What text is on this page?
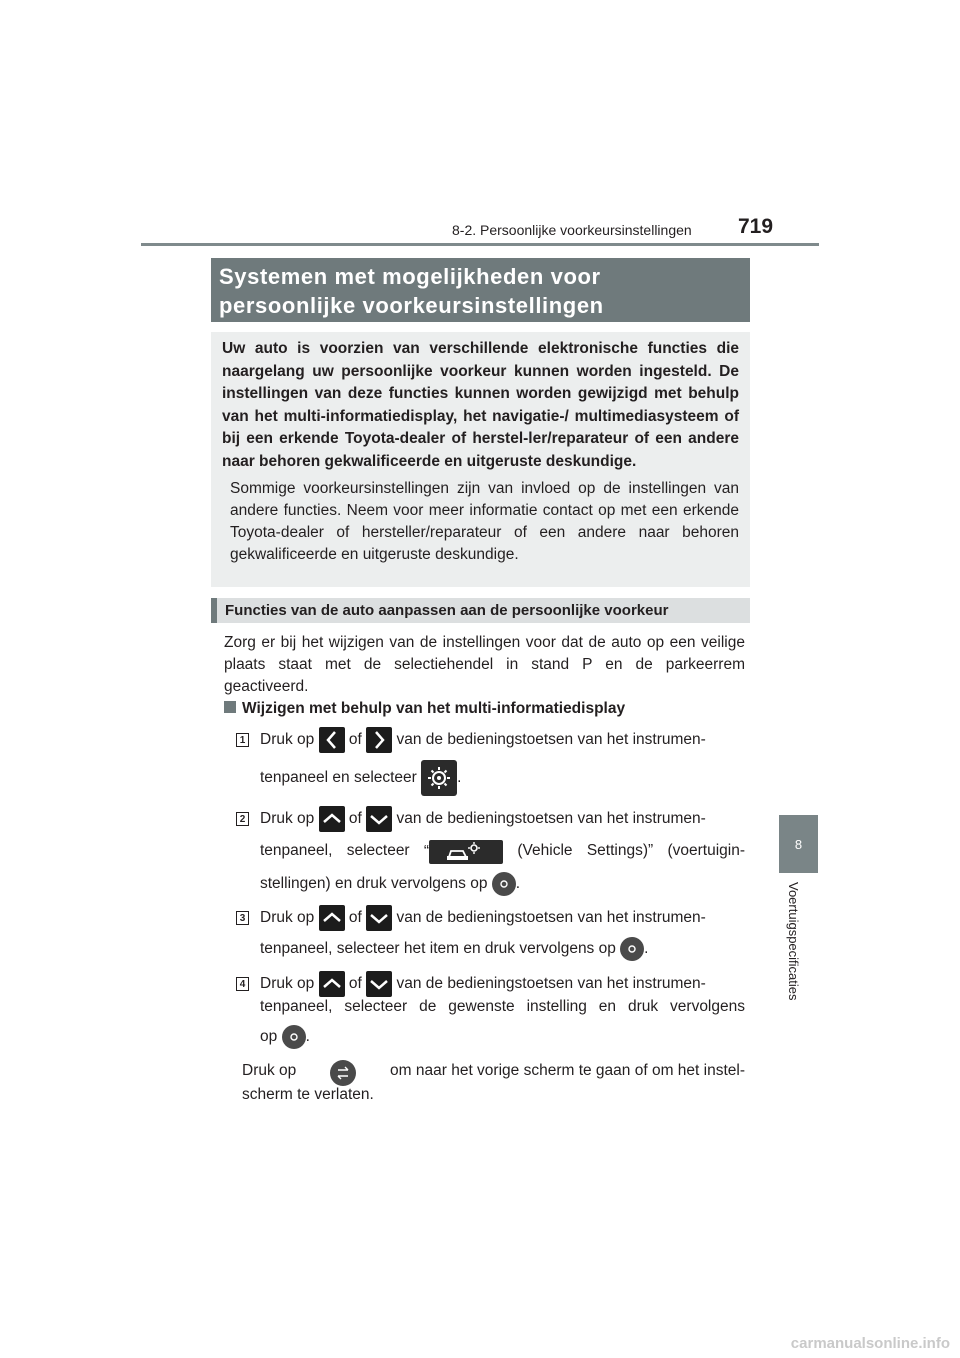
8-2. Persoonlijke voorkeursinstellingen 719
8
Voertuigspecificaties
Systemen met mogelijkheden voor
persoonlijke voorkeursinstellingen

Uw auto is voorzien van verschillende elektronische functies die naargelang uw persoonlijke voorkeur kunnen worden ingesteld. De instellingen van deze functies kunnen worden gewijzigd met behulp van het multi-informatiedisplay, het navigatie-/ multimediasysteem of bij een erkende Toyota-dealer of herstel-ler/reparateur of een andere naar behoren gekwalificeerde en uitgeruste deskundige.

Sommige voorkeursinstellingen zijn van invloed op de instellingen van andere functies. Neem voor meer informatie contact op met een erkende Toyota-dealer of hersteller/reparateur of een andere naar behoren gekwalificeerde en uitgeruste deskundige.

Functies van de auto aanpassen aan de persoonlijke voorkeur

Zorg er bij het wijzigen van de instellingen voor dat de auto op een veilige plaats staat met de selectiehendel in stand P en de parkeerrem geactiveerd.

Wijzigen met behulp van het multi-informatiedisplay
1 Druk op of van de bedieningstoetsen van het instrumen-
tenpaneel en selecteer	.
2 Druk op of van de bedieningstoetsen van het instrumen-
tenpaneel, selecteer “	(Vehicle Settings)” (voertuigin-
stellingen) en druk vervolgens op .
3 Druk op of van de bedieningstoetsen van het instrumen-
tenpaneel, selecteer het item en druk vervolgens op .
4 Druk op of van de bedieningstoetsen van het instrumen-
tenpaneel, selecteer de gewenste instelling en druk vervolgens
op .
Druk op	om naar het vorige scherm te gaan of om het instel-
scherm te verlaten.
carmanualsonline.info
